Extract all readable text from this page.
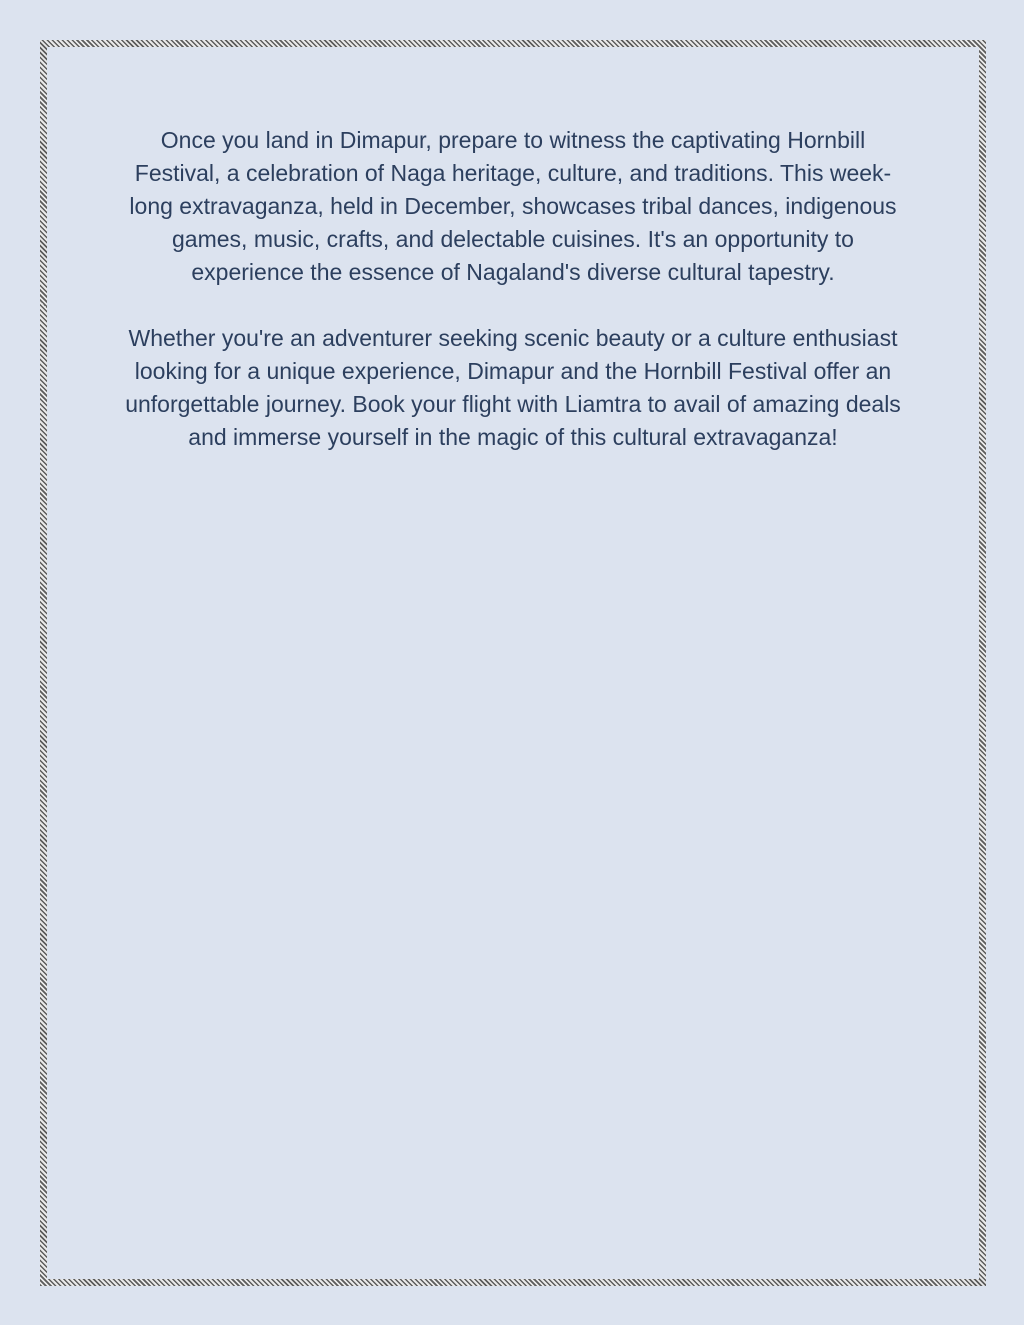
Once you land in Dimapur, prepare to witness the captivating Hornbill Festival, a celebration of Naga heritage, culture, and traditions. This week-long extravaganza, held in December, showcases tribal dances, indigenous games, music, crafts, and delectable cuisines. It's an opportunity to experience the essence of Nagaland's diverse cultural tapestry.

Whether you're an adventurer seeking scenic beauty or a culture enthusiast looking for a unique experience, Dimapur and the Hornbill Festival offer an unforgettable journey. Book your flight with Liamtra to avail of amazing deals and immerse yourself in the magic of this cultural extravaganza!
